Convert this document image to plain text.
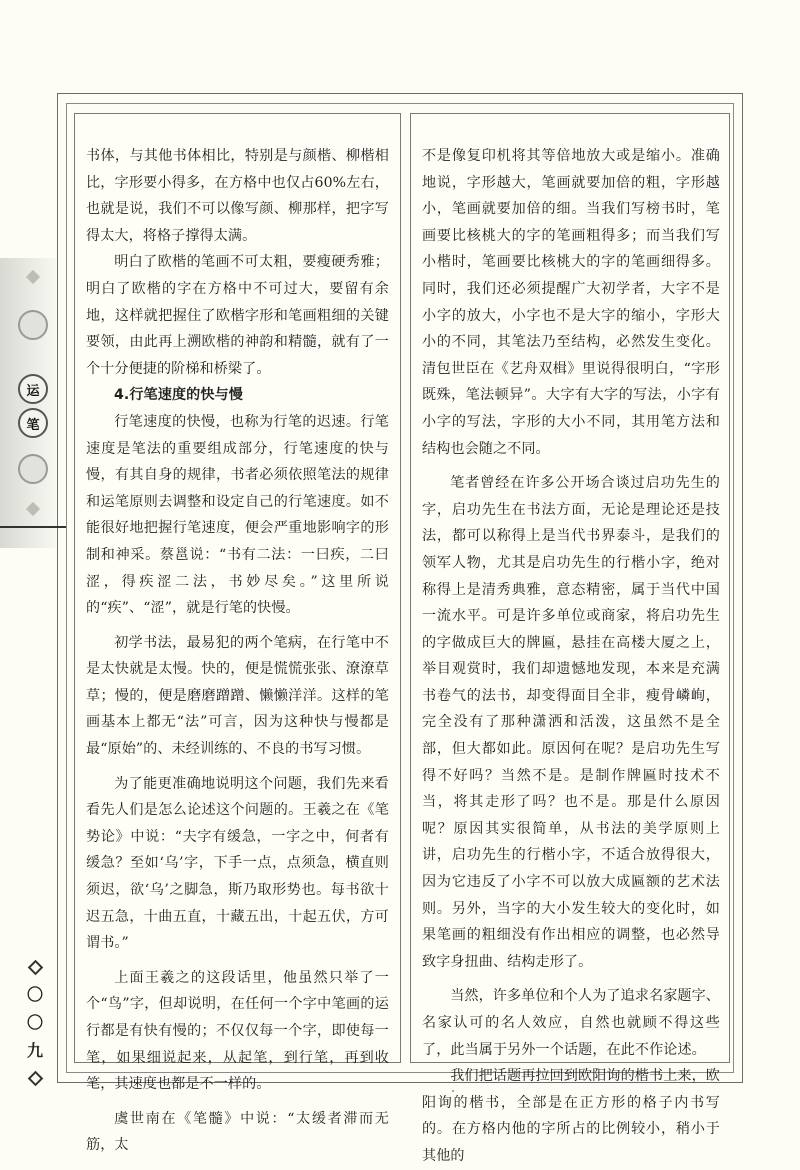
书体，与其他书体相比，特别是与颜楷、柳楷相比，字形要小得多，在方格中也仅占60%左右，也就是说，我们不可以像写颜、柳那样，把字写得太大，将格子撑得太满。

明白了欧楷的笔画不可太粗，要瘦硬秀雅；明白了欧楷的字在方格中不可过大，要留有余地，这样就把握住了欧楷字形和笔画粗细的关键要领，由此再上溯欧楷的神韵和精髓，就有了一个十分便捷的阶梯和桥梁了。

4.行笔速度的快与慢

行笔速度的快慢，也称为行笔的迟速。行笔速度是笔法的重要组成部分，行笔速度的快与慢，有其自身的规律，书者必须依照笔法的规律和运笔原则去调整和设定自己的行笔速度。如不能很好地把握行笔速度，便会严重地影响字的形制和神采。蔡邕说：“书有二法：一曰疾，二曰涩，得疾涩二法，书妙尽矣。”这里所说的“疾”、“涩”，就是行笔的快慢。

初学书法，最易犯的两个笔病，在行笔中不是太快就是太慢。快的，便是慌慌张张、潦潦草草；慢的，便是磨磨蹭蹭、懒懒洋洋。这样的笔画基本上都无“法”可言，因为这种快与慢都是最“原始”的、未经训练的、不良的书写习惯。

为了能更准确地说明这个问题，我们先来看看先人们是怎么论述这个问题的。王羲之在《笔势论》中说：“夫字有缓急，一字之中，何者有缓急？至如‘乌’字，下手一点，点须急，横直则须迟，欲‘乌’之脚急，斯乃取形势也。每书欲十迟五急，十曲五直，十藏五出，十起五伏，方可谓书。”

上面王羲之的这段话里，他虽然只举了一个“鸟”字，但却说明，在任何一个字中笔画的运行都是有快有慢的；不仅仅每一个字，即使每一笔，如果细说起来，从起笔，到行笔，再到收笔，其速度也都是不一样的。

虞世南在《笔髓》中说：“太缓者滞而无筋，太

不是像复印机将其等倍地放大或是缩小。准确地说，字形越大，笔画就要加倍的粗，字形越小，笔画就要加倍的细。当我们写榜书时，笔画要比核桃大的字的笔画粗得多；而当我们写小楷时，笔画要比核桃大的字的笔画细得多。同时，我们还必须提醒广大初学者，大字不是小字的放大，小字也不是大字的缩小，字形大小的不同，其笔法乃至结构，必然发生变化。清包世臣在《艺舟双楫》里说得很明白，“字形既殊，笔法顿异”。大字有大字的写法，小字有小字的写法，字形的大小不同，其用笔方法和结构也会随之不同。

笔者曾经在许多公开场合谈过启功先生的字，启功先生在书法方面，无论是理论还是技法，都可以称得上是当代书界泰斗，是我们的领军人物，尤其是启功先生的行楷小字，绝对称得上是清秀典雅，意态精密，属于当代中国一流水平。可是许多单位或商家，将启功先生的字做成巨大的牌匾，悬挂在高楼大厦之上，举目观赏时，我们却遗憾地发现，本来是充满书卷气的法书，却变得面目全非，瘦骨嶙峋，完全没有了那种潇洒和活泼，这虽然不是全部，但大都如此。原因何在呢？是启功先生写得不好吗？当然不是。是制作牌匾时技术不当，将其走形了吗？也不是。那是什么原因呢？原因其实很简单，从书法的美学原则上讲，启功先生的行楷小字，不适合放得很大，因为它违反了小字不可以放大成匾额的艺术法则。另外，当字的大小发生较大的变化时，如果笔画的粗细没有作出相应的调整，也必然导致字身扭曲、结构走形了。

当然，许多单位和个人为了追求名家题字、名家认可的名人效应，自然也就顾不得这些了，此当属于另外一个话题，在此不作论述。

我们把话题再拉回到欧阳询的楷书上来，欧阳询的楷书，全部是在正方形的格子内书写的。在方格内他的字所占的比例较小，稍小于其他的

运
笔
〇
〇
九
